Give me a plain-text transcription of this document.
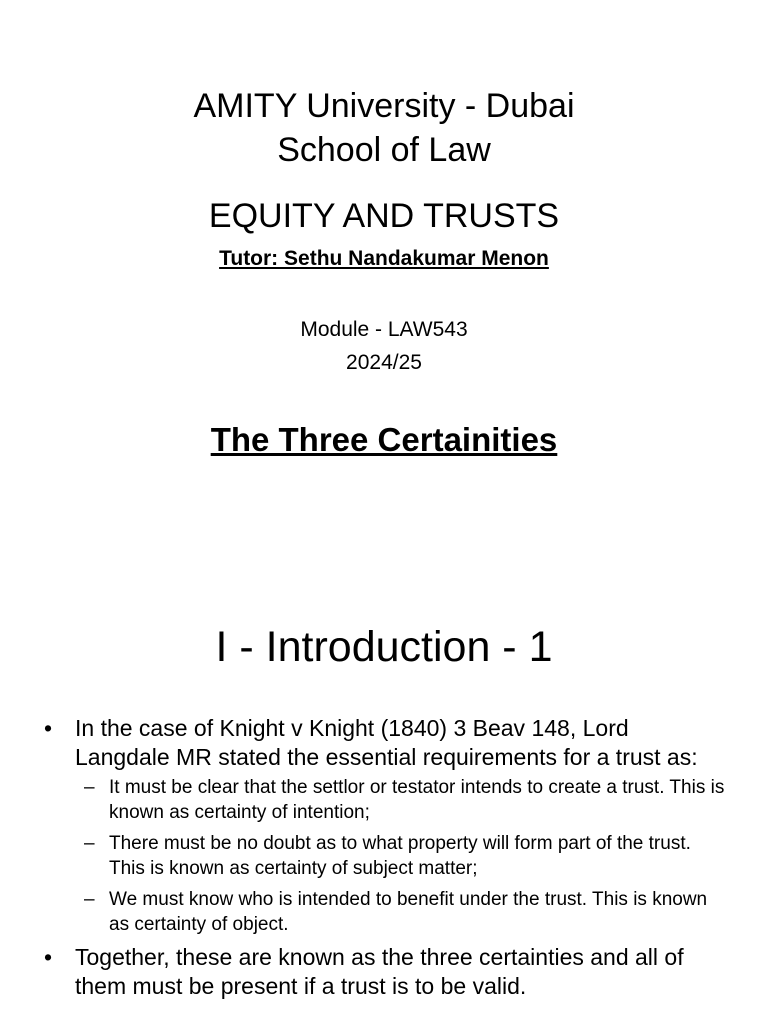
AMITY University - Dubai
School of Law
EQUITY AND TRUSTS
Tutor: Sethu Nandakumar Menon
Module - LAW543
2024/25
The Three Certainities
I - Introduction - 1
• In the case of Knight v Knight (1840) 3 Beav 148, Lord Langdale MR stated the essential requirements for a trust as:
– It must be clear that the settlor or testator intends to create a trust. This is known as certainty of intention;
– There must be no doubt as to what property will form part of the trust. This is known as certainty of subject matter;
– We must know who is intended to benefit under the trust. This is known as certainty of object.
• Together, these are known as the three certainties and all of them must be present if a trust is to be valid.
